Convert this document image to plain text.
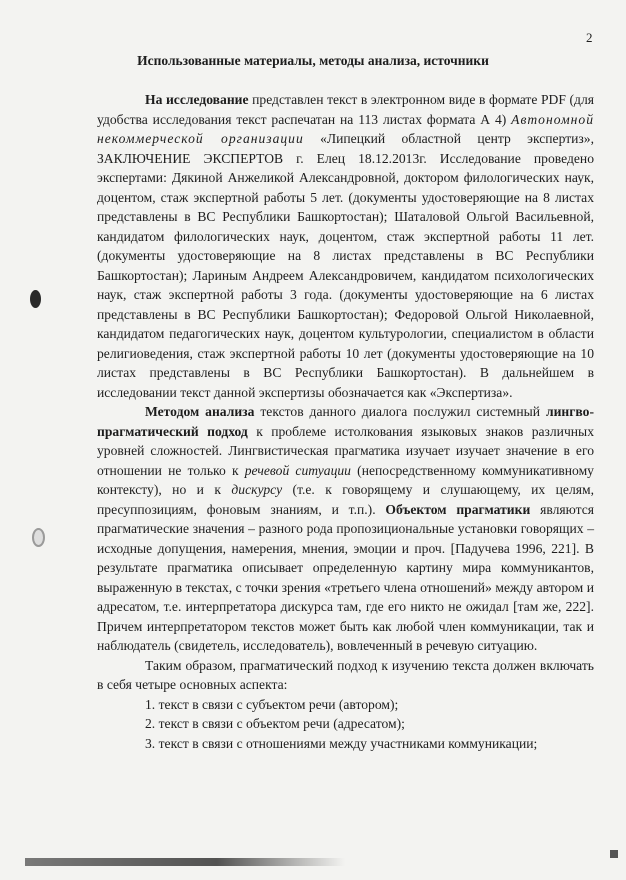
2
Использованные материалы, методы анализа, источники

На исследование представлен текст в электронном виде в формате PDF (для удобства исследования текст распечатан на 113 листах формата А 4) Автономной некоммерческой организации «Липецкий областной центр экспертиз», ЗАКЛЮЧЕНИЕ ЭКСПЕРТОВ г. Елец 18.12.2013г. Исследование проведено экспертами: Дякиной Анжеликой Александровной, доктором филологических наук, доцентом, стаж экспертной работы 5 лет. (документы удостоверяющие на 8 листах представлены в ВС Республики Башкортостан); Шаталовой Ольгой Васильевной, кандидатом филологических наук, доцентом, стаж экспертной работы 11 лет. (документы удостоверяющие на 8 листах представлены в ВС Республики Башкортостан); Лариным Андреем Александровичем, кандидатом психологических наук, стаж экспертной работы 3 года. (документы удостоверяющие на 6 листах представлены в ВС Республики Башкортостан); Федоровой Ольгой Николаевной, кандидатом педагогических наук, доцентом культурологии, специалистом в области религиоведения, стаж экспертной работы 10 лет (документы удостоверяющие на 10 листах представлены в ВС Республики Башкортостан). В дальнейшем в исследовании текст данной экспертизы обозначается как «Экспертиза».

Методом анализа текстов данного диалога послужил системный лингво-прагматический подход к проблеме истолкования языковых знаков различных уровней сложностей. Лингвистическая прагматика изучает изучает значение в его отношении не только к речевой ситуации (непосредственному коммуникативному контексту), но и к дискурсу (т.е. к говорящему и слушающему, их целям, пресуппозициям, фоновым знаниям, и т.п.). Объектом прагматики являются прагматические значения – разного рода пропозициональные установки говорящих – исходные допущения, намерения, мнения, эмоции и проч. [Падучева 1996, 221]. В результате прагматика описывает определенную картину мира коммуникантов, выраженную в текстах, с точки зрения «третьего члена отношений» между автором и адресатом, т.е. интерпретатора дискурса там, где его никто не ожидал [там же, 222]. Причем интерпретатором текстов может быть как любой член коммуникации, так и наблюдатель (свидетель, исследователь), вовлеченный в речевую ситуацию.

Таким образом, прагматический подход к изучению текста должен включать в себя четыре основных аспекта:

1. текст в связи с субъектом речи (автором);

2. текст в связи с объектом речи (адресатом);

3. текст в связи с отношениями между участниками коммуникации;
